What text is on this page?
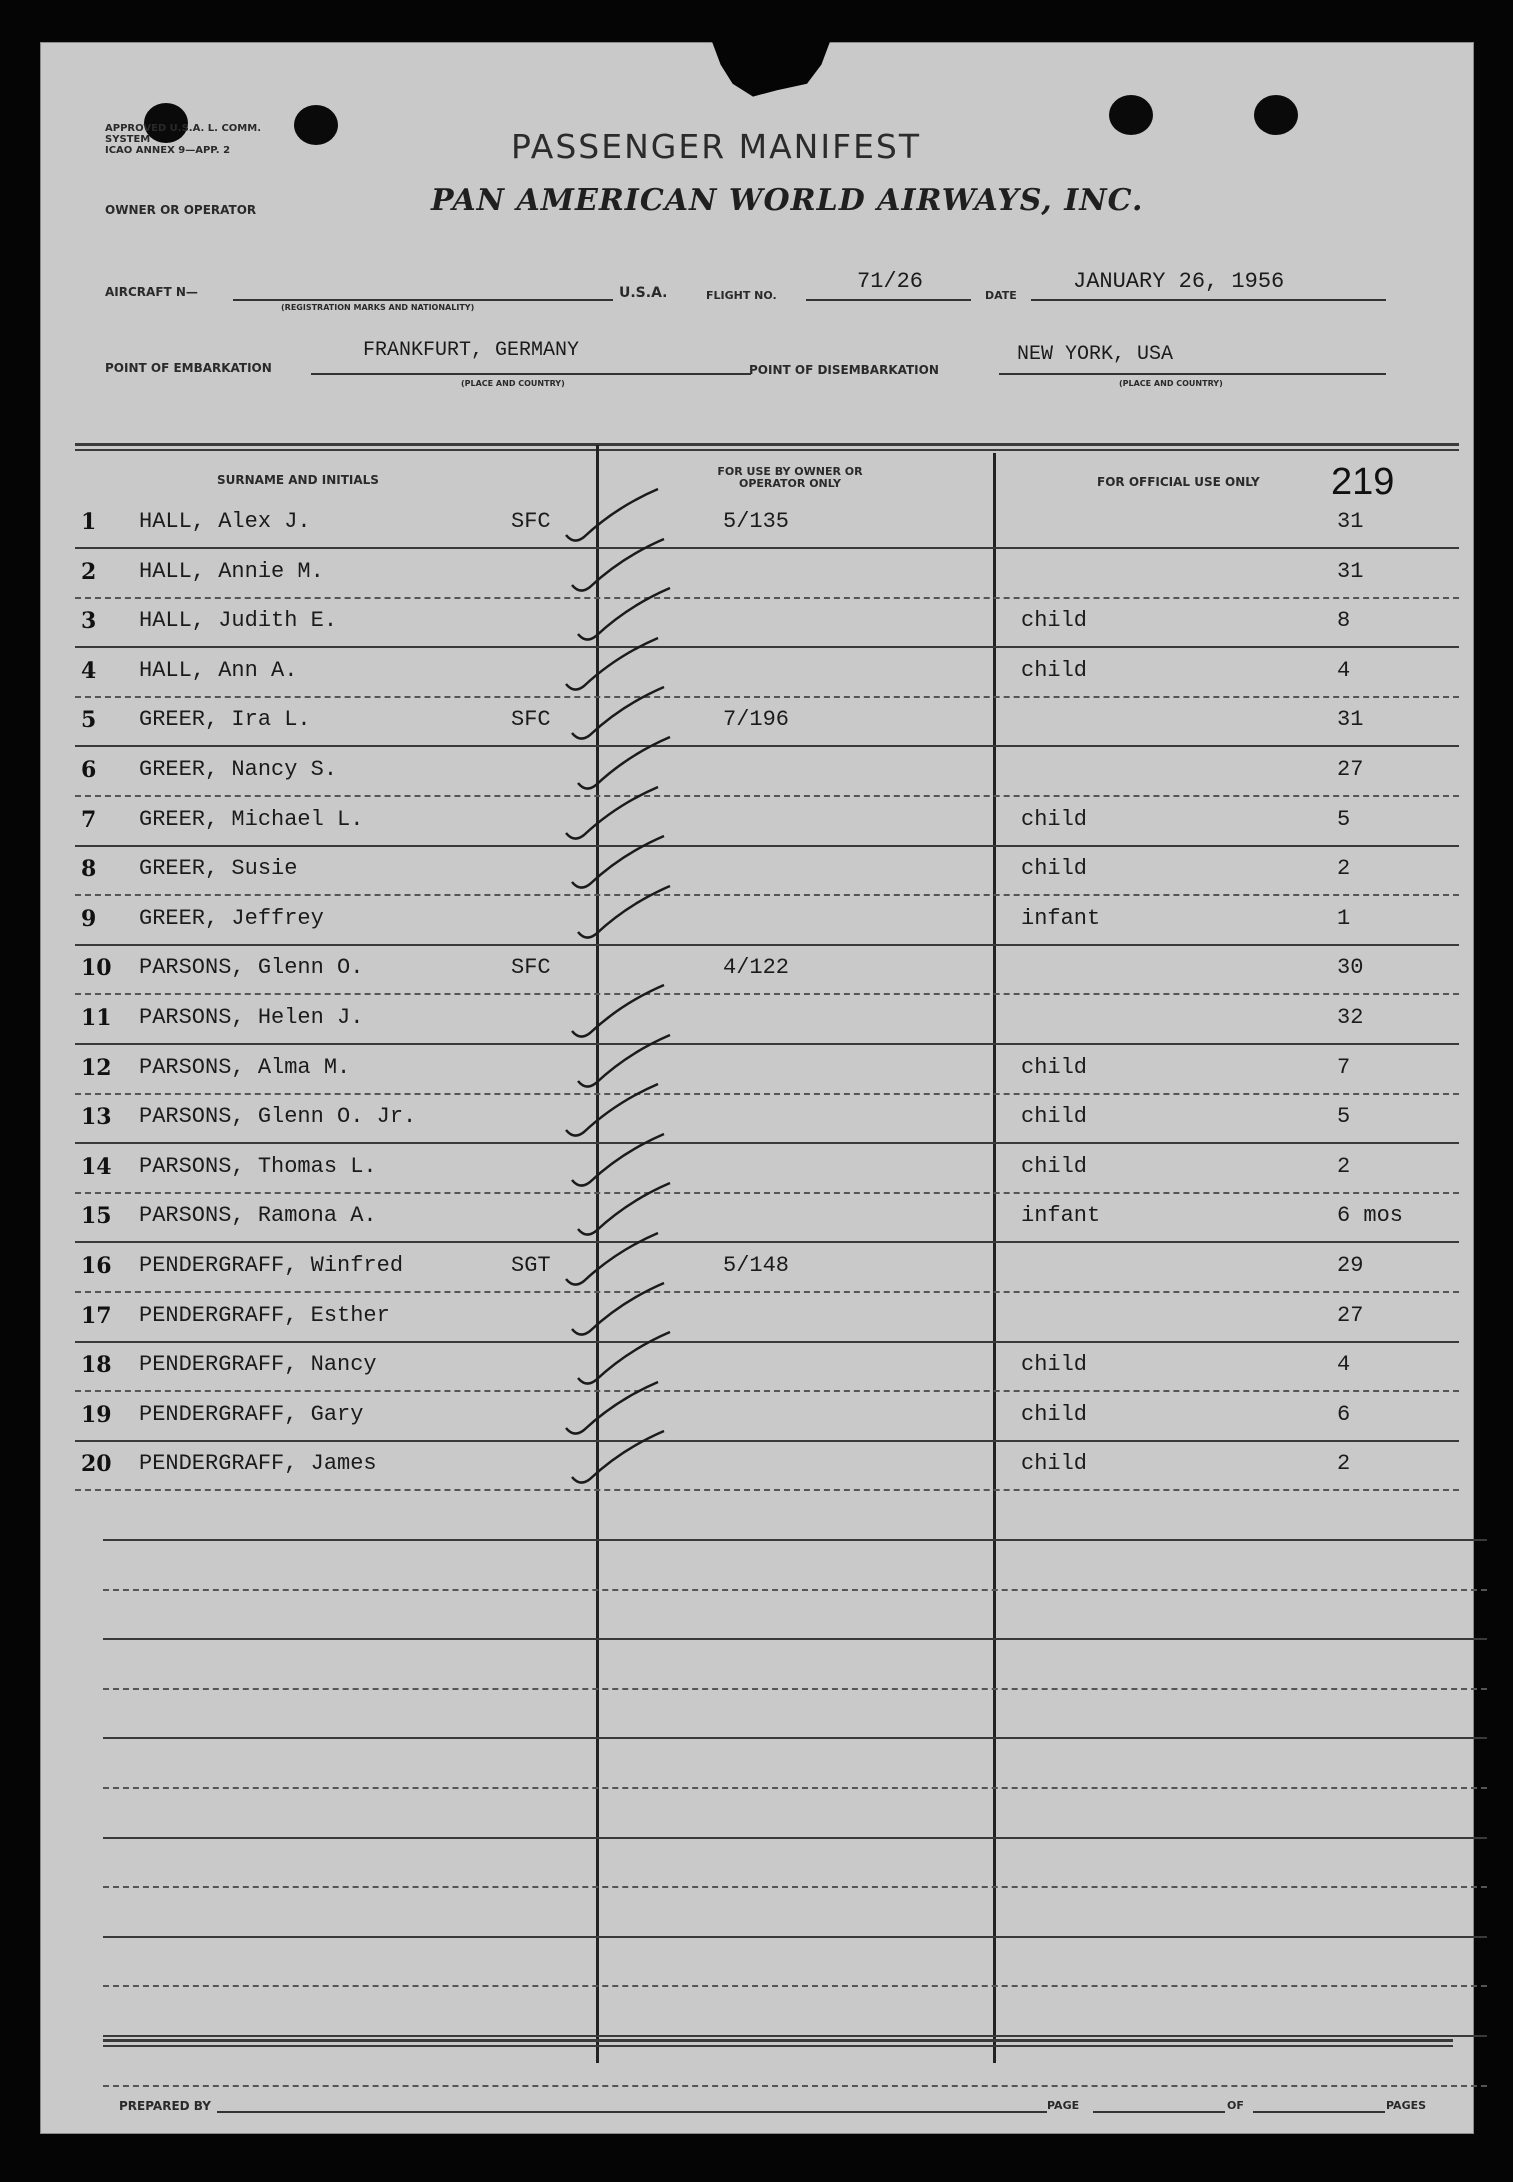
APPROVED U.S.A. L. COMM.
SYSTEM
ICAO ANNEX 9—APP. 2	PASSENGER MANIFEST
OWNER OR OPERATOR	PAN AMERICAN WORLD AIRWAYS, INC.
AIRCRAFT N—
(REGISTRATION MARKS AND NATIONALITY)
U.S.A.	FLIGHT NO.
71/26
DATE
JANUARY 26, 1956
POINT OF EMBARKATION
FRANKFURT, GERMANY
(PLACE AND COUNTRY)
POINT OF DISEMBARKATION
NEW YORK, USA
(PLACE AND COUNTRY)
SURNAME AND INITIALS
FOR USE BY OWNER OR OPERATOR ONLY	FOR OFFICIAL USE ONLY 219
1 HALL, Alex J.	SFC	5/135	31
2 HALL, Annie M.	31
3 HALL, Judith E.	child	8
4 HALL, Ann A.	child	4
5 GREER, Ira L.	SFC	7/196	31
6 GREER, Nancy S.	27
7 GREER, Michael L.	child	5
8 GREER, Susie	child	2
9 GREER, Jeffrey	infant	1
10 PARSONS, Glenn O.	SFC	4/122	30
11 PARSONS, Helen J.	32
12 PARSONS, Alma M.	child	7
13 PARSONS, Glenn O. Jr.	child	5
14 PARSONS, Thomas L.	child	2
15 PARSONS, Ramona A.	infant	6 mos
16 PENDERGRAFF, Winfred	SGT	5/148	29
17 PENDERGRAFF, Esther	27
18 PENDERGRAFF, Nancy	child	4
19 PENDERGRAFF, Gary	child	6
20 PENDERGRAFF, James	child	2
PREPARED BY	PAGE	OF	PAGES
